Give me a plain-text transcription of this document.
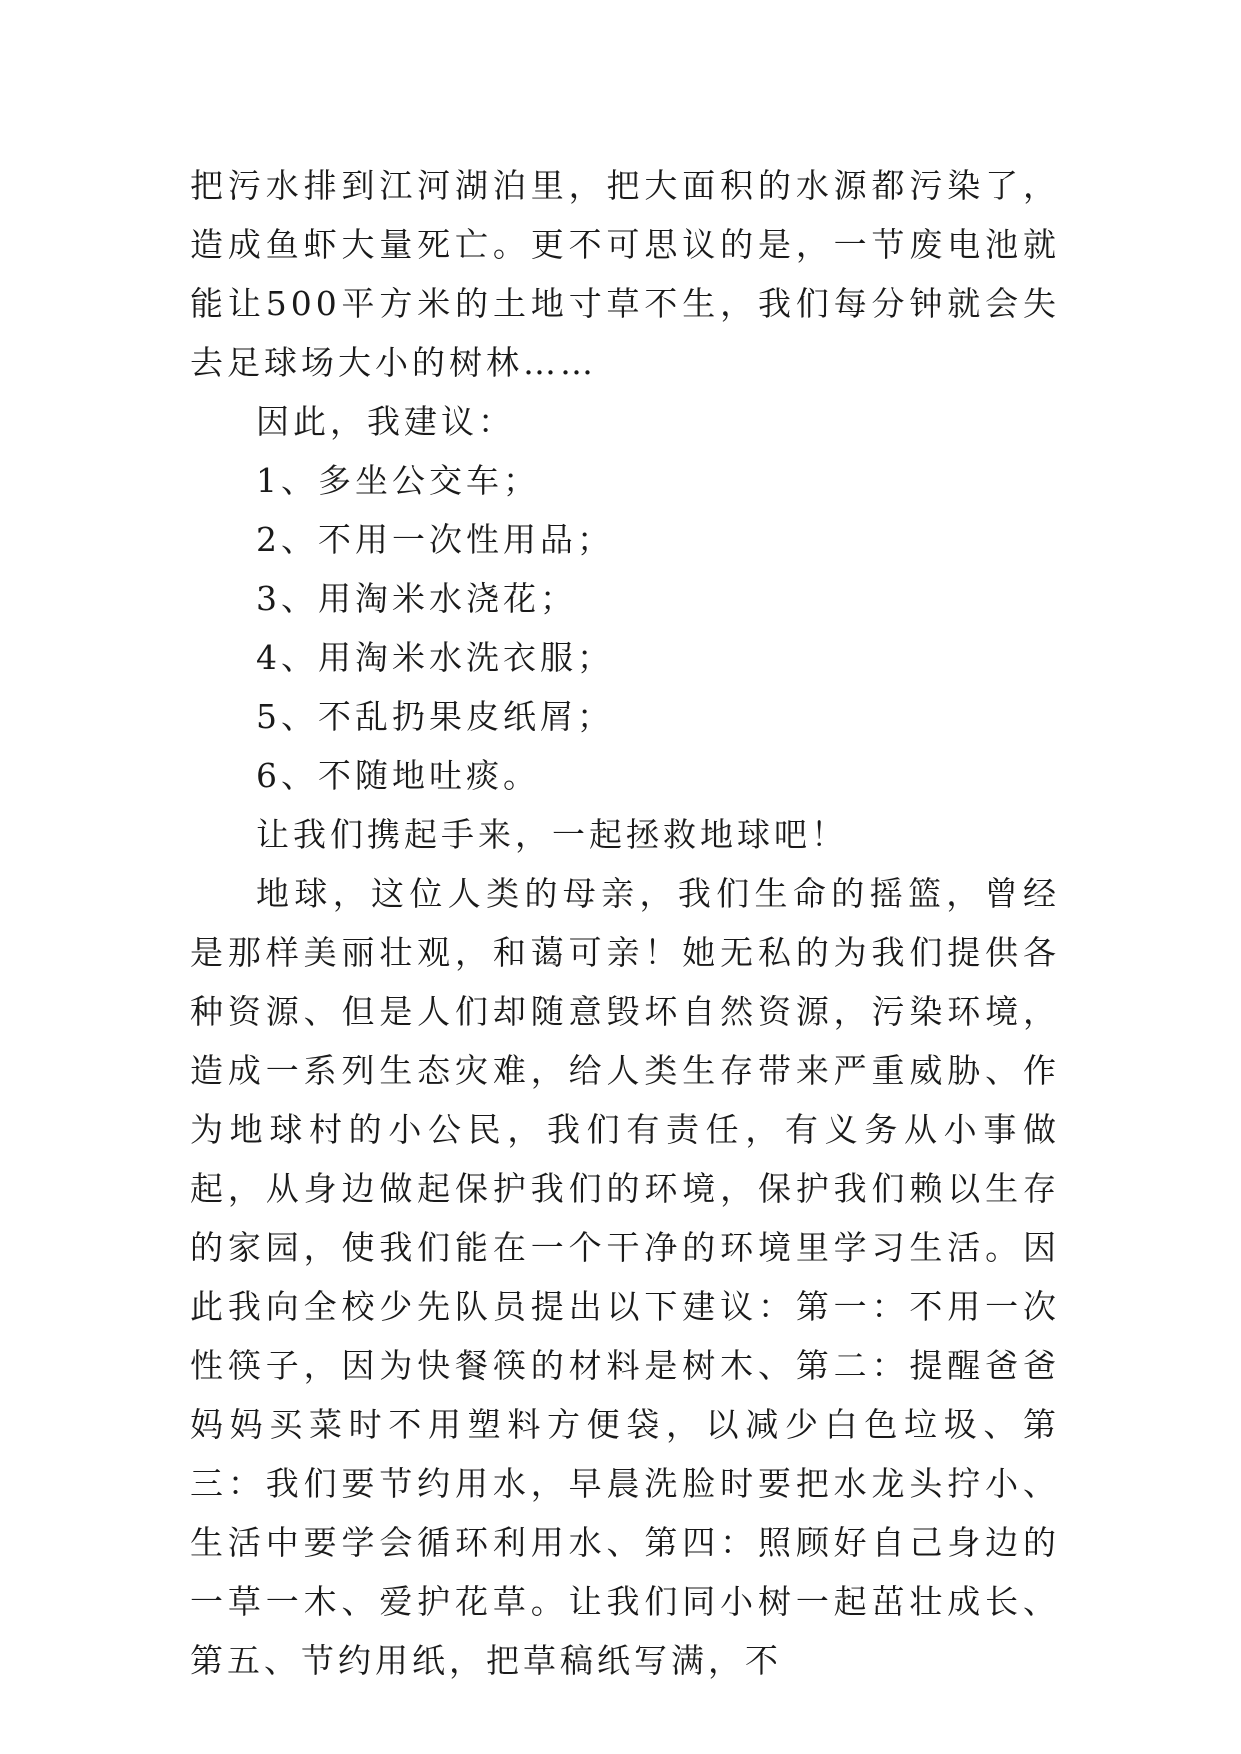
把污水排到江河湖泊里，把大面积的水源都污染了，造成鱼虾大量死亡。更不可思议的是，一节废电池就能让500平方米的土地寸草不生，我们每分钟就会失去足球场大小的树林……

因此，我建议：

1、多坐公交车；

2、不用一次性用品；

3、用淘米水浇花；

4、用淘米水洗衣服；

5、不乱扔果皮纸屑；

6、不随地吐痰。

让我们携起手来，一起拯救地球吧！

地球，这位人类的母亲，我们生命的摇篮，曾经是那样美丽壮观，和蔼可亲！她无私的为我们提供各种资源、但是人们却随意毁坏自然资源，污染环境，造成一系列生态灾难，给人类生存带来严重威胁、作为地球村的小公民，我们有责任，有义务从小事做起，从身边做起保护我们的环境，保护我们赖以生存的家园，使我们能在一个干净的环境里学习生活。因此我向全校少先队员提出以下建议：第一：不用一次性筷子，因为快餐筷的材料是树木、第二：提醒爸爸妈妈买菜时不用塑料方便袋，以减少白色垃圾、第三：我们要节约用水，早晨洗脸时要把水龙头拧小、生活中要学会循环利用水、第四：照顾好自己身边的一草一木、爱护花草。让我们同小树一起茁壮成长、第五、节约用纸，把草稿纸写满，不
